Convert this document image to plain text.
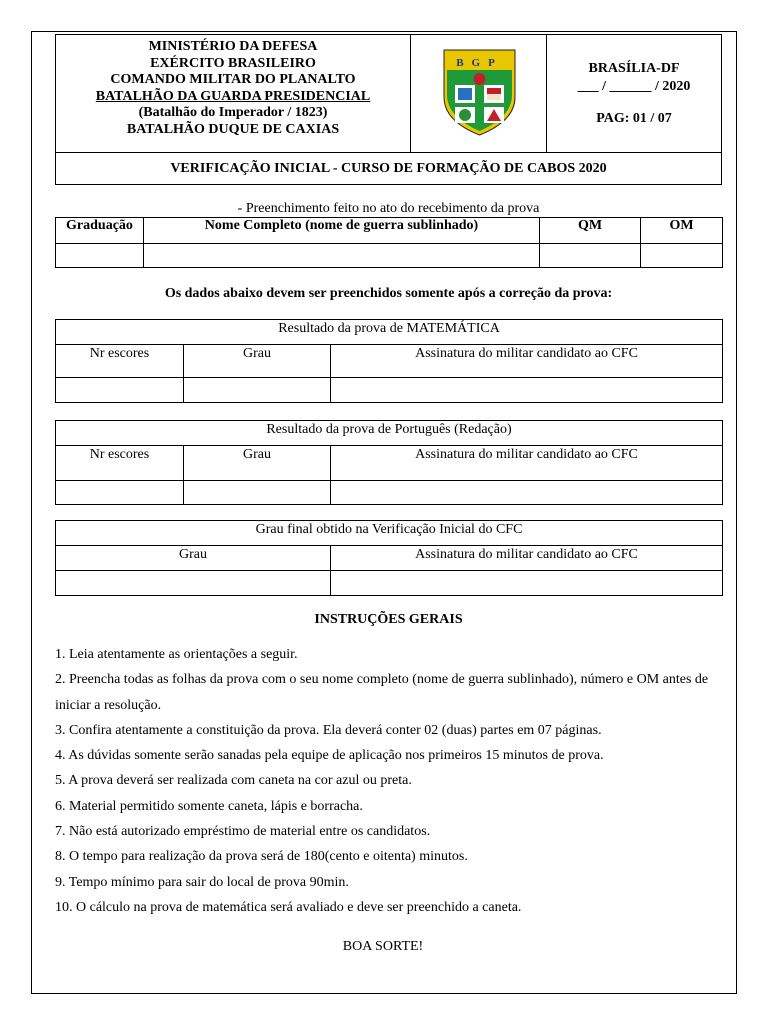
MINISTÉRIO DA DEFESA
EXÉRCITO BRASILEIRO
COMANDO MILITAR DO PLANALTO
BATALHÃO DA GUARDA PRESIDENCIAL
(Batalhão do Imperador / 1823)
BATALHÃO DUQUE DE CAXIAS
BGP	BRASÍLIA-DF
___ / ______ / 2020
PAG: 01 / 07
VERIFICAÇÃO INICIAL - CURSO DE FORMAÇÃO DE CABOS 2020
- Preenchimento feito no ato do recebimento da prova
Graduação	Nome Completo (nome de guerra sublinhado)	QM	OM

Os dados abaixo devem ser preenchidos somente após a correção da prova:
Resultado da prova de MATEMÁTICA		
Nr escores	Grau	Assinatura do militar candidato ao CFC

Resultado da prova de Português (Redação)		
Nr escores	Grau	Assinatura do militar candidato ao CFC

Grau final obtido na Verificação Inicial do CFC	
Grau	Assinatura do militar candidato ao CFC

INSTRUÇÕES GERAIS

1. Leia atentamente as orientações a seguir.

2. Preencha todas as folhas da prova com o seu nome completo (nome de guerra sublinhado), número e OM antes de iniciar a resolução.

3. Confira atentamente a constituição da prova. Ela deverá conter 02 (duas) partes em 07 páginas.

4. As dúvidas somente serão sanadas pela equipe de aplicação nos primeiros 15 minutos de prova.

5. A prova deverá ser realizada com caneta na cor azul ou preta.

6. Material permitido somente caneta, lápis e borracha.

7. Não está autorizado empréstimo de material entre os candidatos.

8. O tempo para realização da prova será de 180(cento e oitenta) minutos.

9. Tempo mínimo para sair do local de prova 90min.

10. O cálculo na prova de matemática será avaliado e deve ser preenchido a caneta.

BOA SORTE!
